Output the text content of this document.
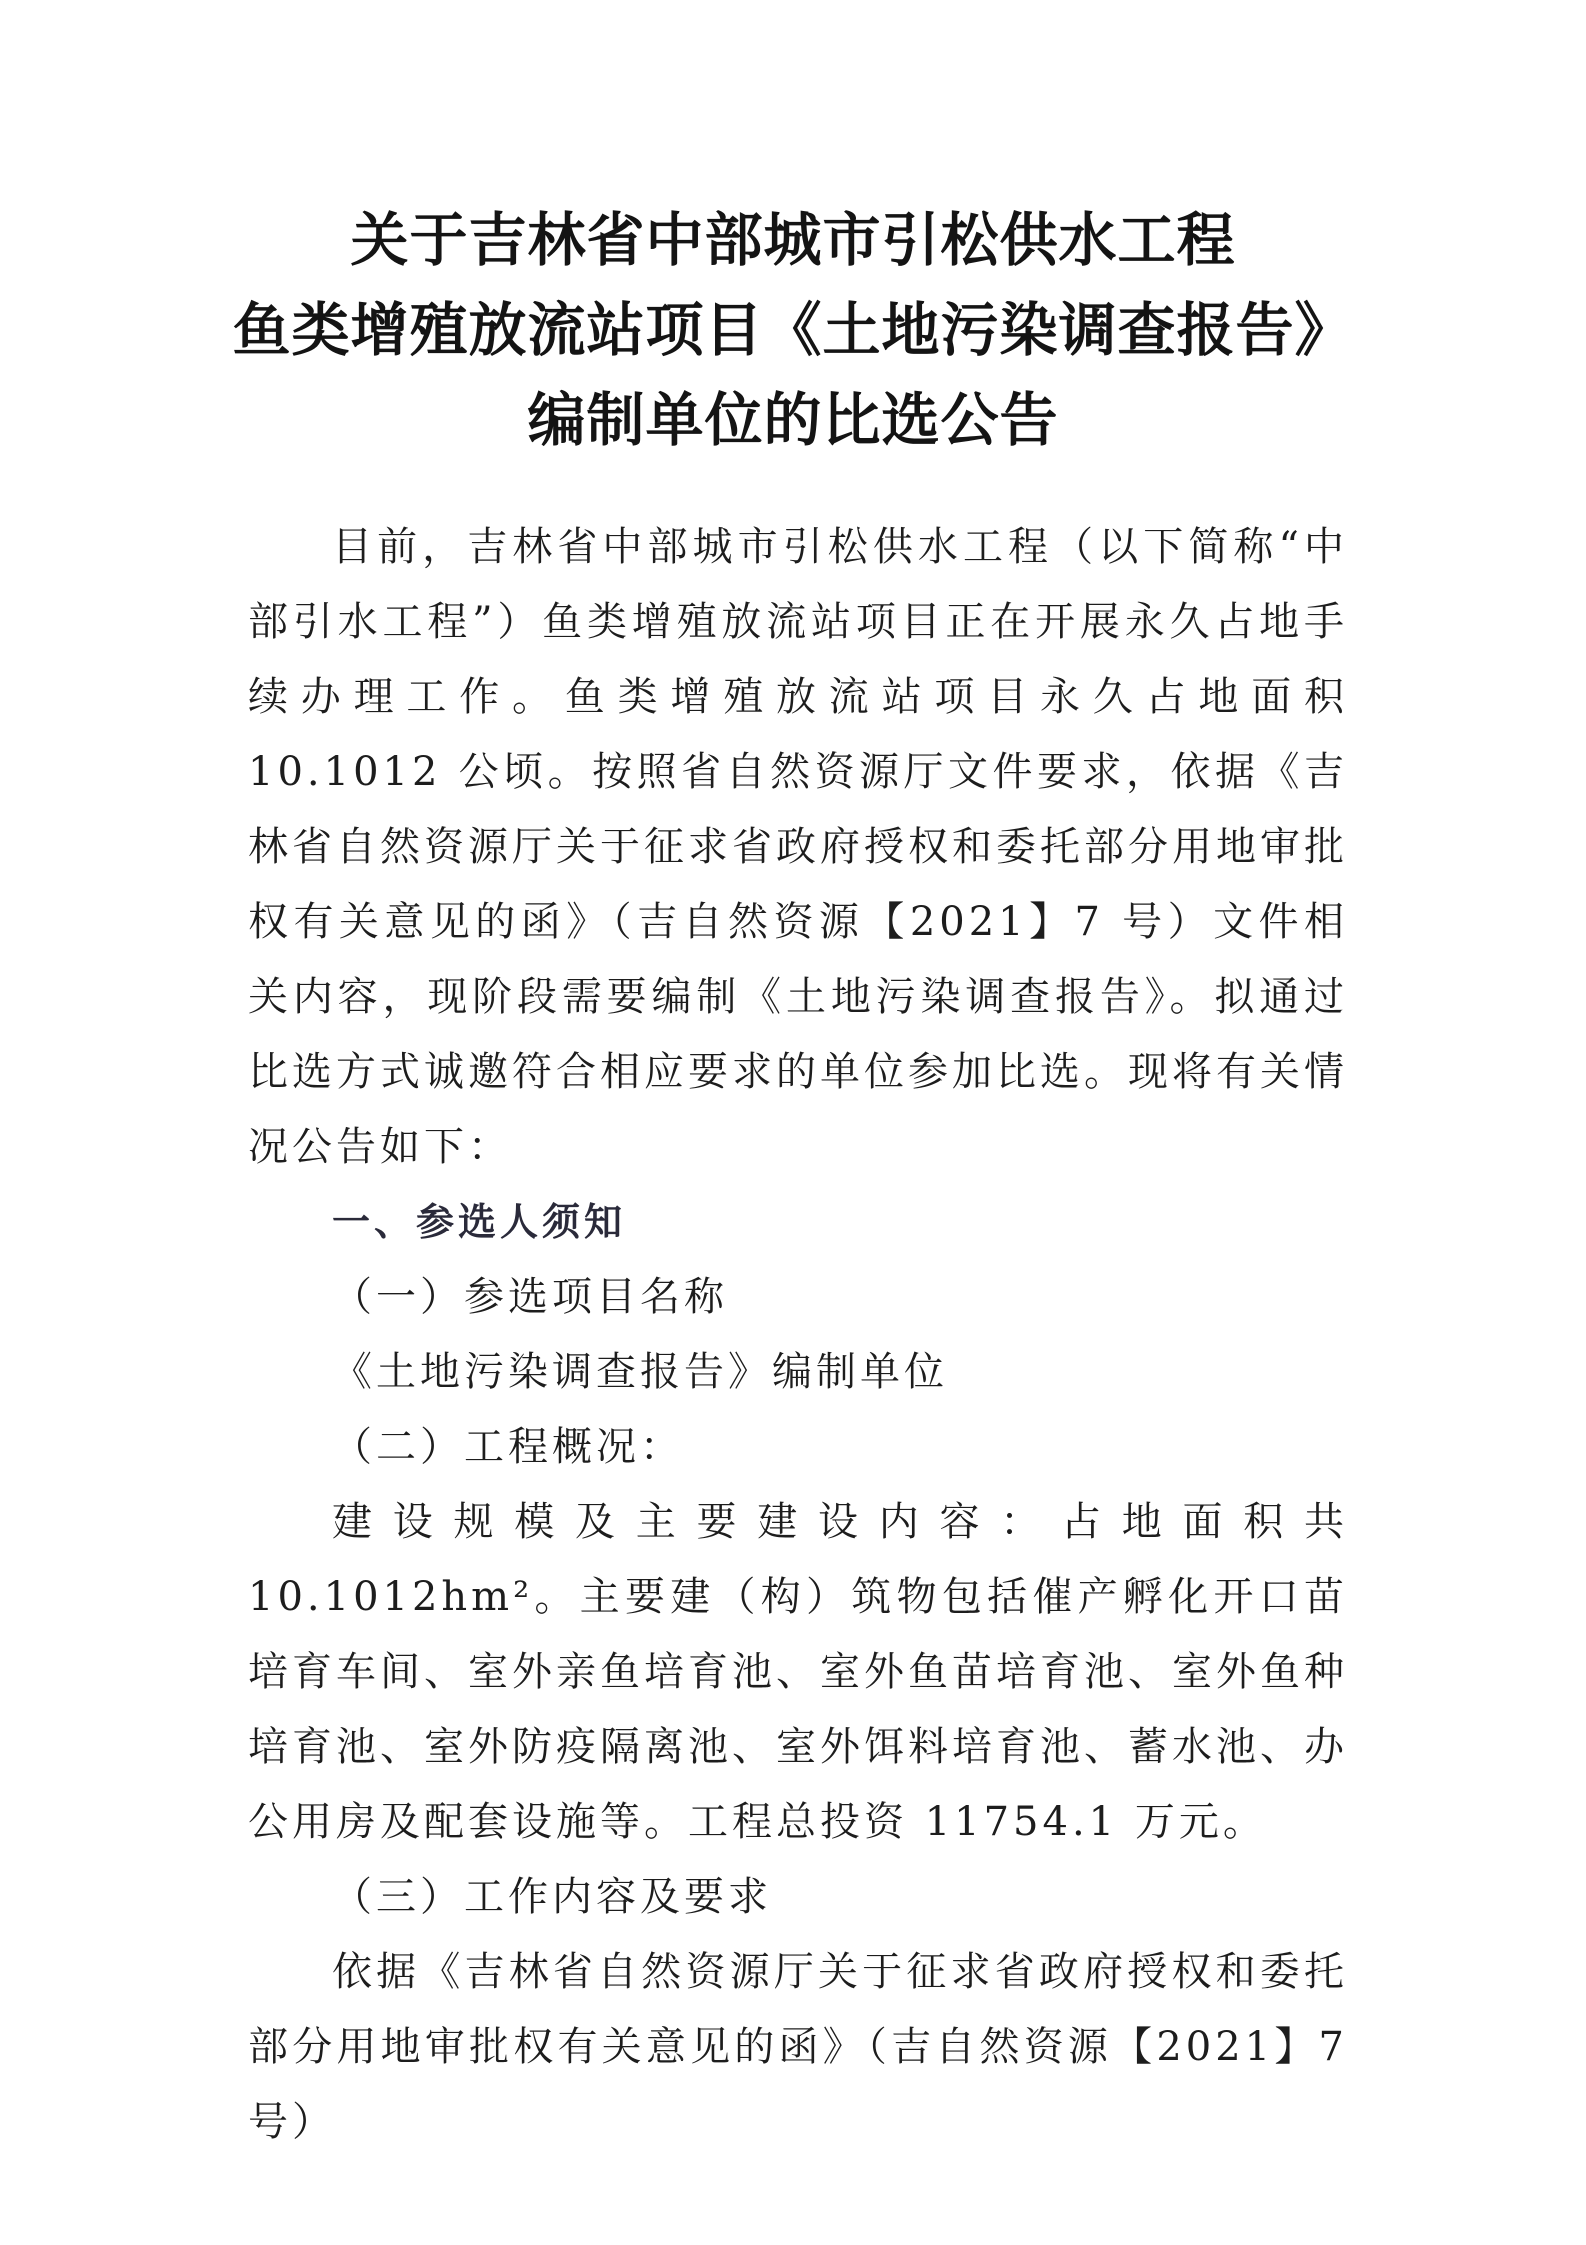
关于吉林省中部城市引松供水工程
鱼类增殖放流站项目《土地污染调查报告》
编制单位的比选公告

目前，吉林省中部城市引松供水工程（以下简称“中部引水工程”）鱼类增殖放流站项目正在开展永久占地手续办理工作。鱼类增殖放流站项目永久占地面积 10.1012 公顷。按照省自然资源厅文件要求，依据《吉林省自然资源厅关于征求省政府授权和委托部分用地审批权有关意见的函》（吉自然资源【2021】7 号）文件相关内容，现阶段需要编制《土地污染调查报告》。拟通过比选方式诚邀符合相应要求的单位参加比选。现将有关情况公告如下：

一、参选人须知

（一）参选项目名称

《土地污染调查报告》编制单位

（二）工程概况：

建设规模及主要建设内容：占地面积共 10.1012hm²。主要建（构）筑物包括催产孵化开口苗培育车间、室外亲鱼培育池、室外鱼苗培育池、室外鱼种培育池、室外防疫隔离池、室外饵料培育池、蓄水池、办公用房及配套设施等。工程总投资 11754.1 万元。

（三）工作内容及要求

依据《吉林省自然资源厅关于征求省政府授权和委托部分用地审批权有关意见的函》（吉自然资源【2021】7 号）
